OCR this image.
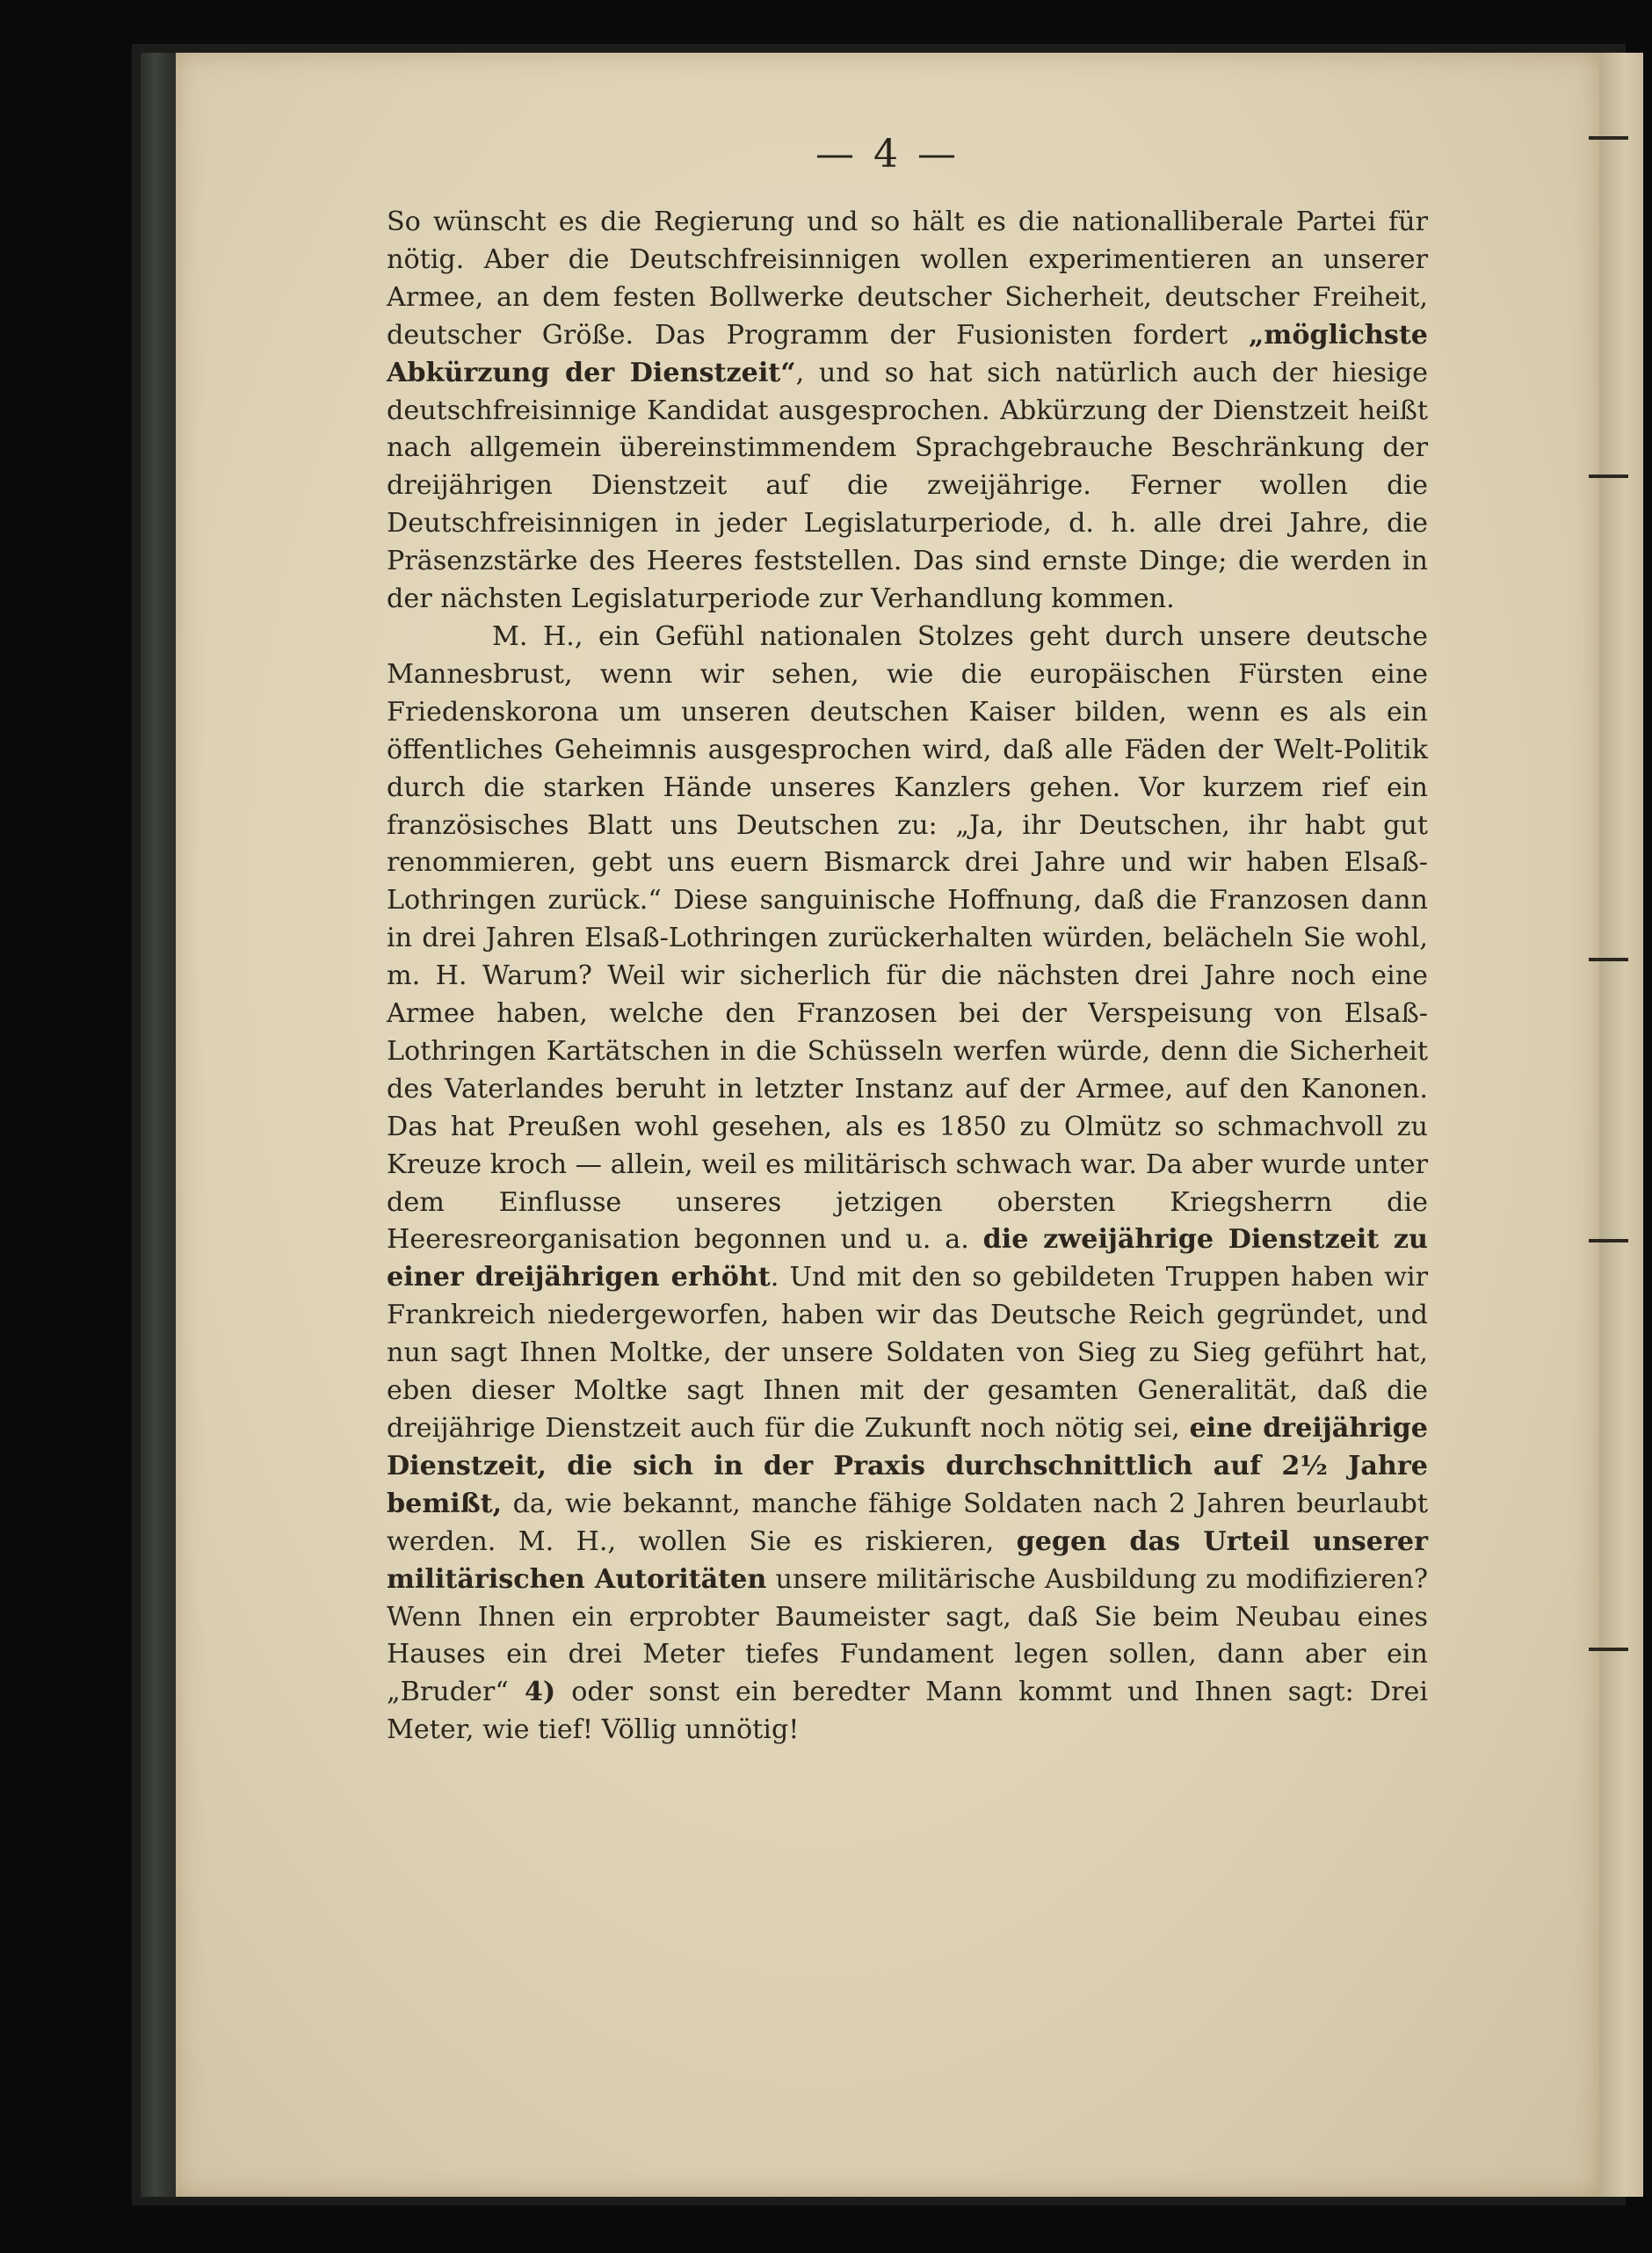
— 4 —

So wünscht es die Regierung und so hält es die nationalliberale Partei für nötig. Aber die Deutschfreisinnigen wollen experimentieren an unserer Armee, an dem festen Bollwerke deutscher Sicherheit, deutscher Freiheit, deutscher Größe. Das Programm der Fusionisten fordert „möglichste Abkürzung der Dienstzeit“, und so hat sich natürlich auch der hiesige deutschfreisinnige Kandidat ausgesprochen. Abkürzung der Dienstzeit heißt nach allgemein übereinstimmendem Sprachgebrauche Beschränkung der dreijährigen Dienstzeit auf die zweijährige. Ferner wollen die Deutschfreisinnigen in jeder Legislaturperiode, d. h. alle drei Jahre, die Präsenzstärke des Heeres feststellen. Das sind ernste Dinge; die werden in der nächsten Legislaturperiode zur Verhandlung kommen.

M. H., ein Gefühl nationalen Stolzes geht durch unsere deutsche Mannesbrust, wenn wir sehen, wie die europäischen Fürsten eine Friedenskorona um unseren deutschen Kaiser bilden, wenn es als ein öffentliches Geheimnis ausgesprochen wird, daß alle Fäden der Welt-Politik durch die starken Hände unseres Kanzlers gehen. Vor kurzem rief ein französisches Blatt uns Deutschen zu: „Ja, ihr Deutschen, ihr habt gut renommieren, gebt uns euern Bismarck drei Jahre und wir haben Elsaß-Lothringen zurück.“ Diese sanguinische Hoffnung, daß die Franzosen dann in drei Jahren Elsaß-Lothringen zurückerhalten würden, belächeln Sie wohl, m. H. Warum? Weil wir sicherlich für die nächsten drei Jahre noch eine Armee haben, welche den Franzosen bei der Verspeisung von Elsaß-Lothringen Kartätschen in die Schüsseln werfen würde, denn die Sicherheit des Vaterlandes beruht in letzter Instanz auf der Armee, auf den Kanonen. Das hat Preußen wohl gesehen, als es 1850 zu Olmütz so schmachvoll zu Kreuze kroch — allein, weil es militärisch schwach war. Da aber wurde unter dem Einflusse unseres jetzigen obersten Kriegsherrn die Heeresreorganisation begonnen und u. a. die zweijährige Dienstzeit zu einer dreijährigen erhöht. Und mit den so gebildeten Truppen haben wir Frankreich niedergeworfen, haben wir das Deutsche Reich gegründet, und nun sagt Ihnen Moltke, der unsere Soldaten von Sieg zu Sieg geführt hat, eben dieser Moltke sagt Ihnen mit der gesamten Generalität, daß die dreijährige Dienstzeit auch für die Zukunft noch nötig sei, eine dreijährige Dienstzeit, die sich in der Praxis durchschnittlich auf 2½ Jahre bemißt, da, wie bekannt, manche fähige Soldaten nach 2 Jahren beurlaubt werden. M. H., wollen Sie es riskieren, gegen das Urteil unserer militärischen Autoritäten unsere militärische Ausbildung zu modifizieren? Wenn Ihnen ein erprobter Baumeister sagt, daß Sie beim Neubau eines Hauses ein drei Meter tiefes Fundament legen sollen, dann aber ein „Bruder“ 4) oder sonst ein beredter Mann kommt und Ihnen sagt: Drei Meter, wie tief! Völlig unnötig!
